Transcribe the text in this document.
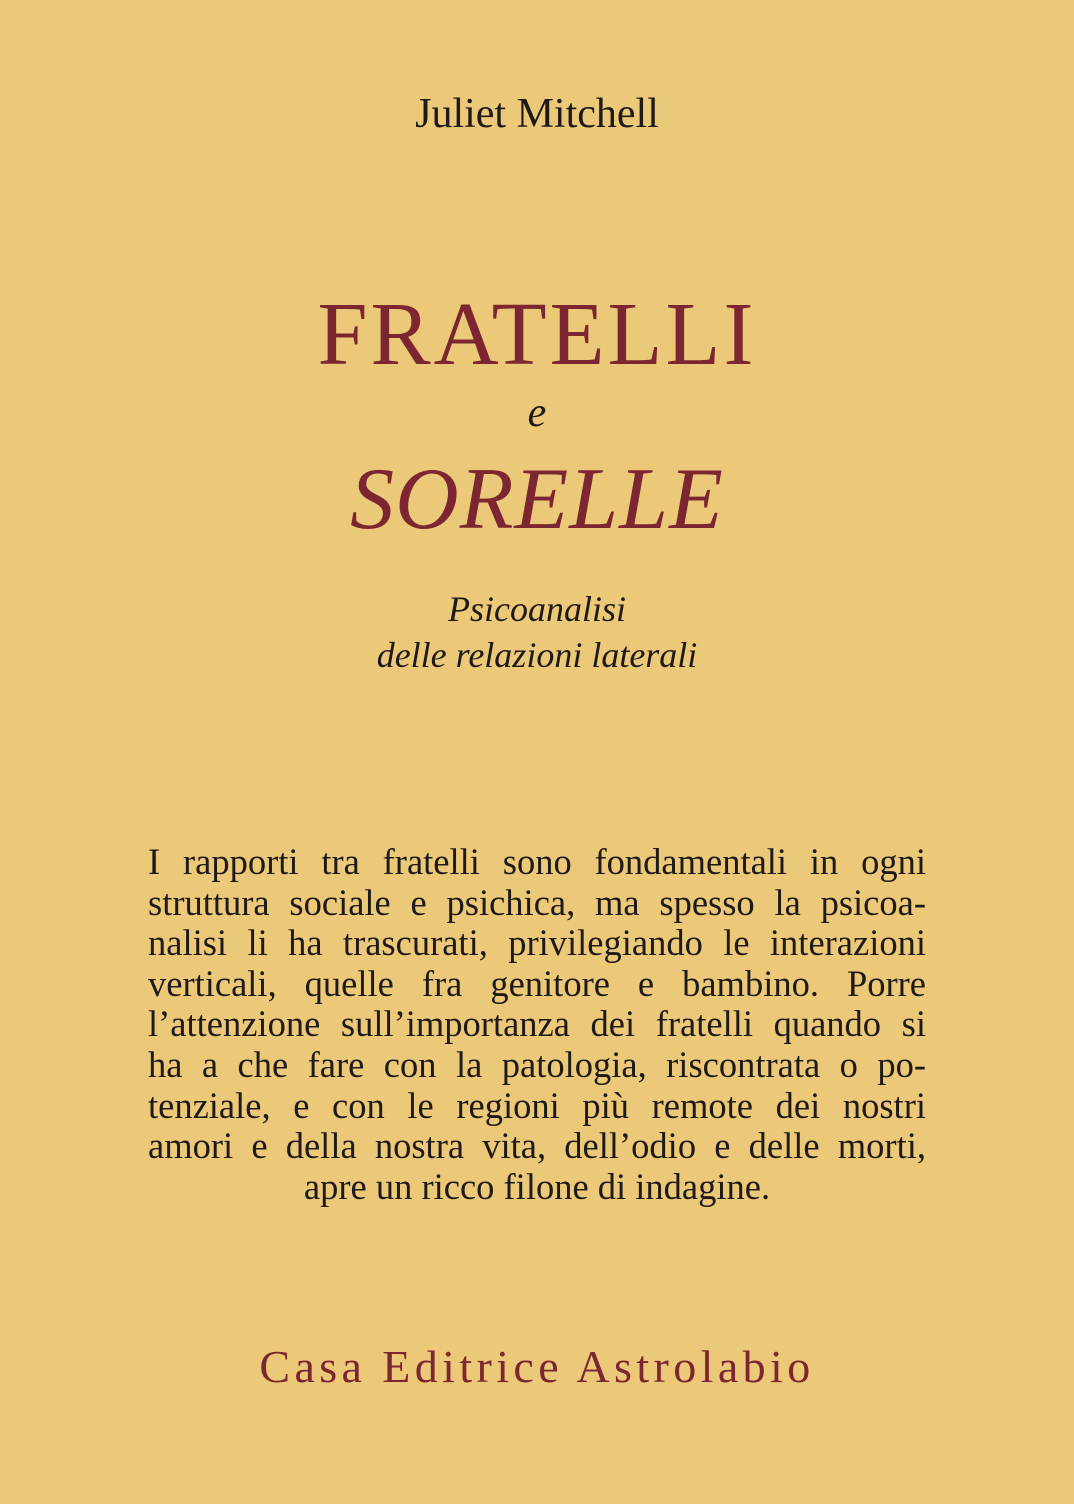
Juliet Mitchell
FRATELLI
e
SORELLE
Psicoanalisi
delle relazioni laterali
I rapporti tra fratelli sono fondamentali in ogni
struttura sociale e psichica, ma spesso la psicoa-
nalisi li ha trascurati, privilegiando le interazioni
verticali, quelle fra genitore e bambino. Porre
l’attenzione sull’importanza dei fratelli quando si
ha a che fare con la patologia, riscontrata o po-
tenziale, e con le regioni più remote dei nostri
amori e della nostra vita, dell’odio e delle morti,
apre un ricco filone di indagine.
Casa Editrice Astrolabio
